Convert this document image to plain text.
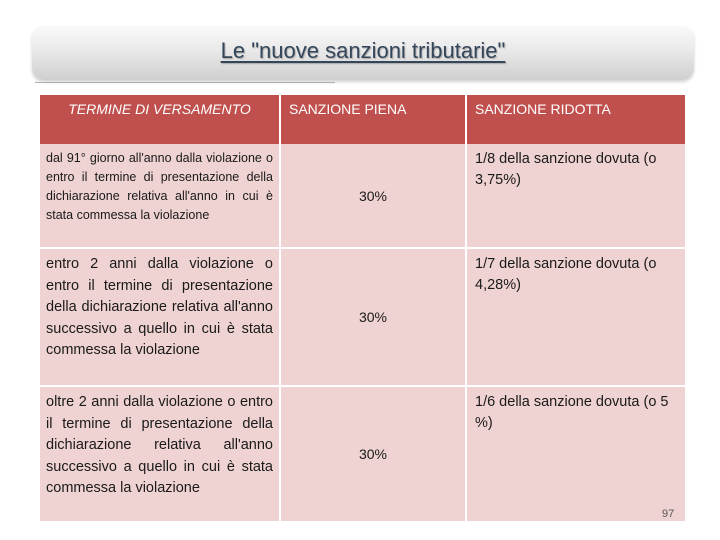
Le "nuove sanzioni tributarie"
TERMINE DI VERSAMENTO	SANZIONE PIENA	SANZIONE RIDOTTA
dal 91° giorno all'anno dalla violazione o entro il termine di presentazione della dichiarazione relativa all'anno in cui è stata commessa la violazione	30%	1/8 della sanzione dovuta (o 3,75%)
entro 2 anni dalla violazione o entro il termine di presentazione della dichiarazione relativa all'anno successivo a quello in cui è stata commessa la violazione	30%	1/7 della sanzione dovuta (o 4,28%)
oltre 2 anni dalla violazione o entro il termine di presentazione della dichiarazione relativa all'anno successivo a quello in cui è stata commessa la violazione	30%	1/6 della sanzione dovuta (o 5 %)
97
